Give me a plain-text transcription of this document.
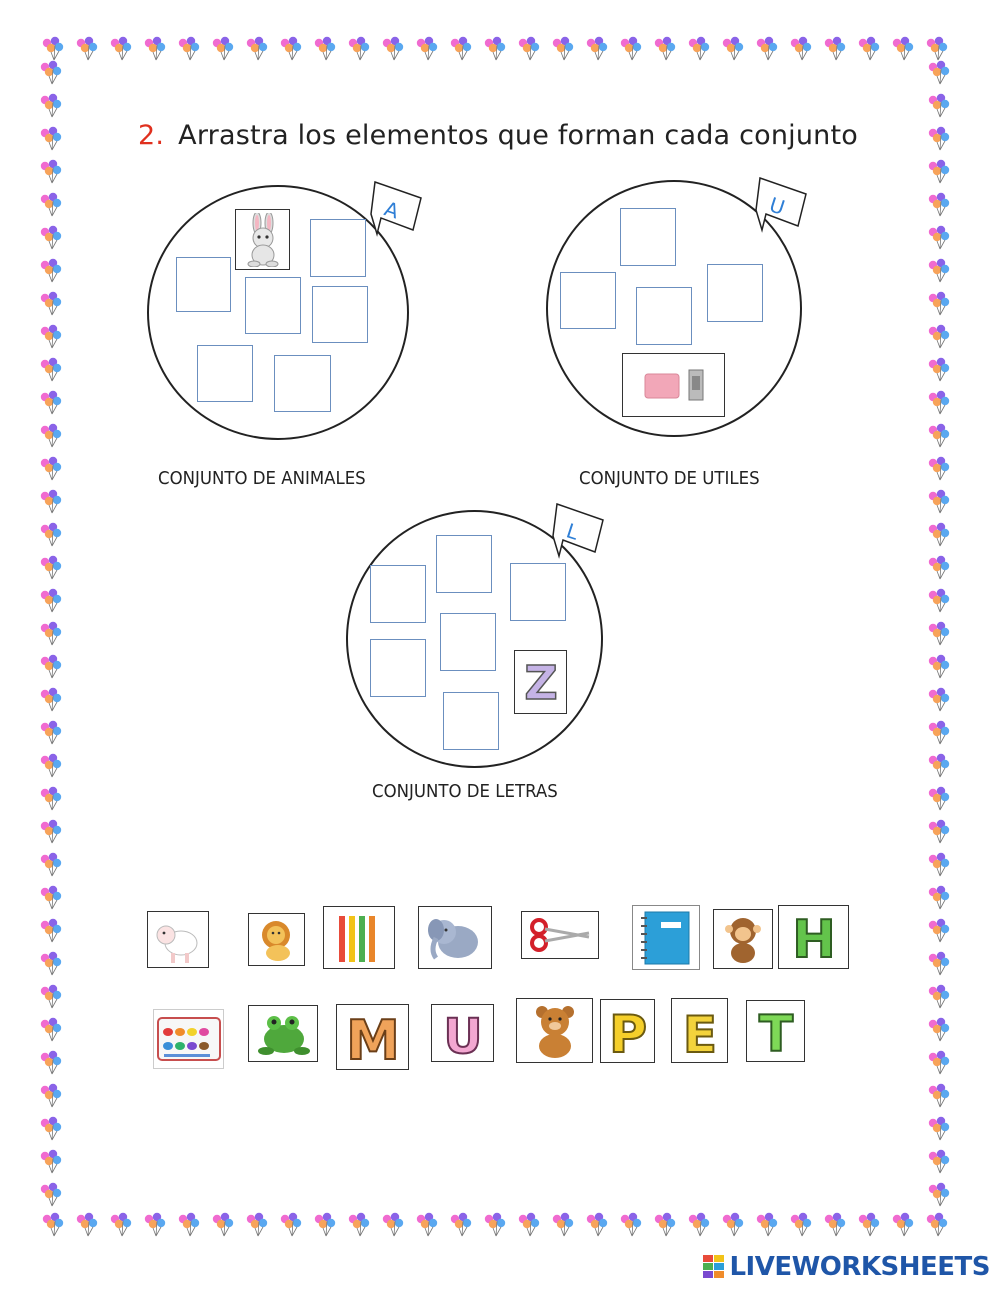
2. Arrastra los elementos que forman cada conjunto
A
CONJUNTO DE ANIMALES
U
CONJUNTO DE UTILES
L
Z
CONJUNTO DE LETRAS
H
M U P E T
LIVEWORKSHEETS
